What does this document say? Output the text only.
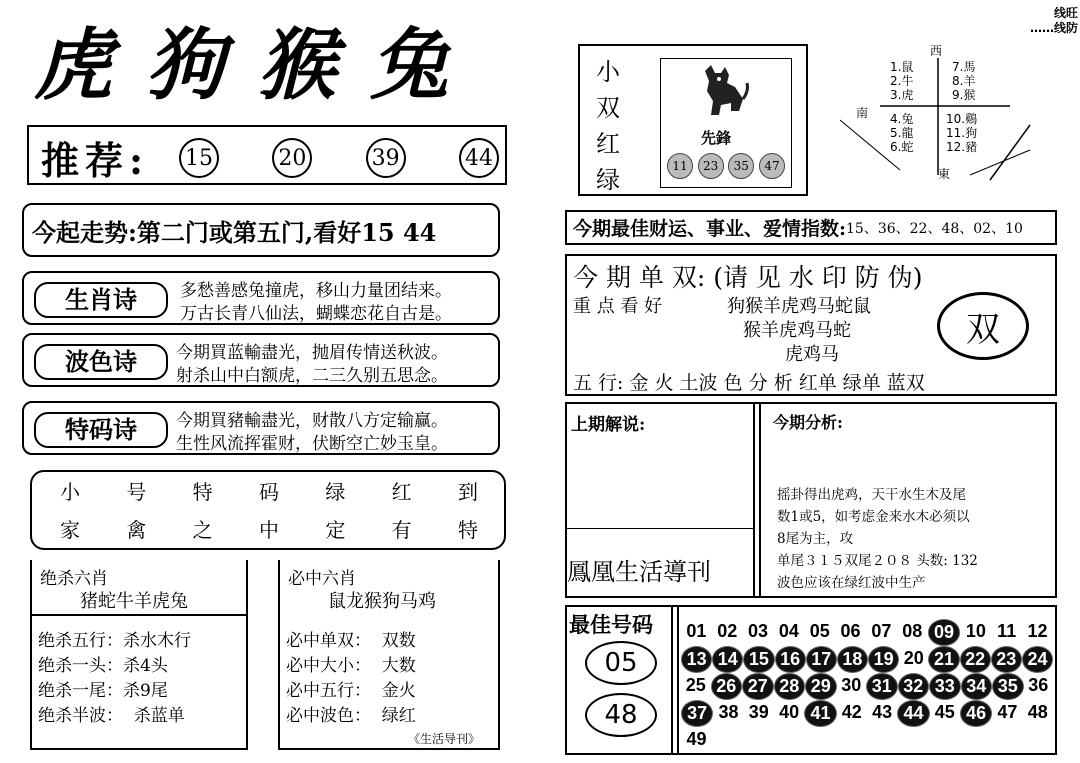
线旺
……线防
虎狗猴兔
推荐: 15	20	39	44
今起走势:第二门或第五门,看好15 44
生肖诗	多愁善感兔撞虎，移山力量团结来。
万古长青八仙法，蝴蝶恋花自古是。
波色诗	今期買蓝輸盡光，抛眉传情送秋波。
射杀山中白额虎，二三久别五思念。
特码诗	今期買豬輸盡光，财散八方定输赢。
生性风流挥霍财，伏断空亡妙玉皇。
小 号 特 码 绿 红 到
家 禽 之 中 定 有 特
绝杀六肖
猪蛇牛羊虎兔
绝杀五行：杀水木行
绝杀一头：杀4头
绝杀一尾：杀9尾
绝杀半波：  杀蓝单
必中六肖
鼠龙猴狗马鸡
必中单双：  双数
必中大小：  大数
必中五行：  金火
必中波色：  绿红
《生活导刊》
小
双
红
绿
先鋒
11	23	35	47
西
南
東
1.鼠
2.牛
3.虎
4.兔
5.龍
6.蛇
7.馬
8.羊
9.猴
10.鷄
11.狗
12.豬
今期最佳财运、事业、爱情指数: 15、36、22、48、02、10
今 期 单 双: (请 见 水 印 防 伪)
重 点 看 好	狗猴羊虎鸡马蛇鼠
猴羊虎鸡马蛇
虎鸡马
双
五 行: 金 火 土波 色 分 析 红单 绿单 蓝双
上期解说:
鳳凰生活導刊
今期分析:
摇卦得出虎鸡，天干水生木及尾
数1或5，如考虑金来水木必须以
8尾为主，攻
单尾３１５双尾２０８ 头数: 132
波色应该在绿红波中生产
最佳号码
05
48
01 02 03 04 05 06 07 08 09 10 11 12
13 14 15 16 17 18 19 20 21 22 23 24
25 26 27 28 29 30 31 32 33 34 35 36
37 38 39 40 41 42 43 44 45 46 47 48
49
